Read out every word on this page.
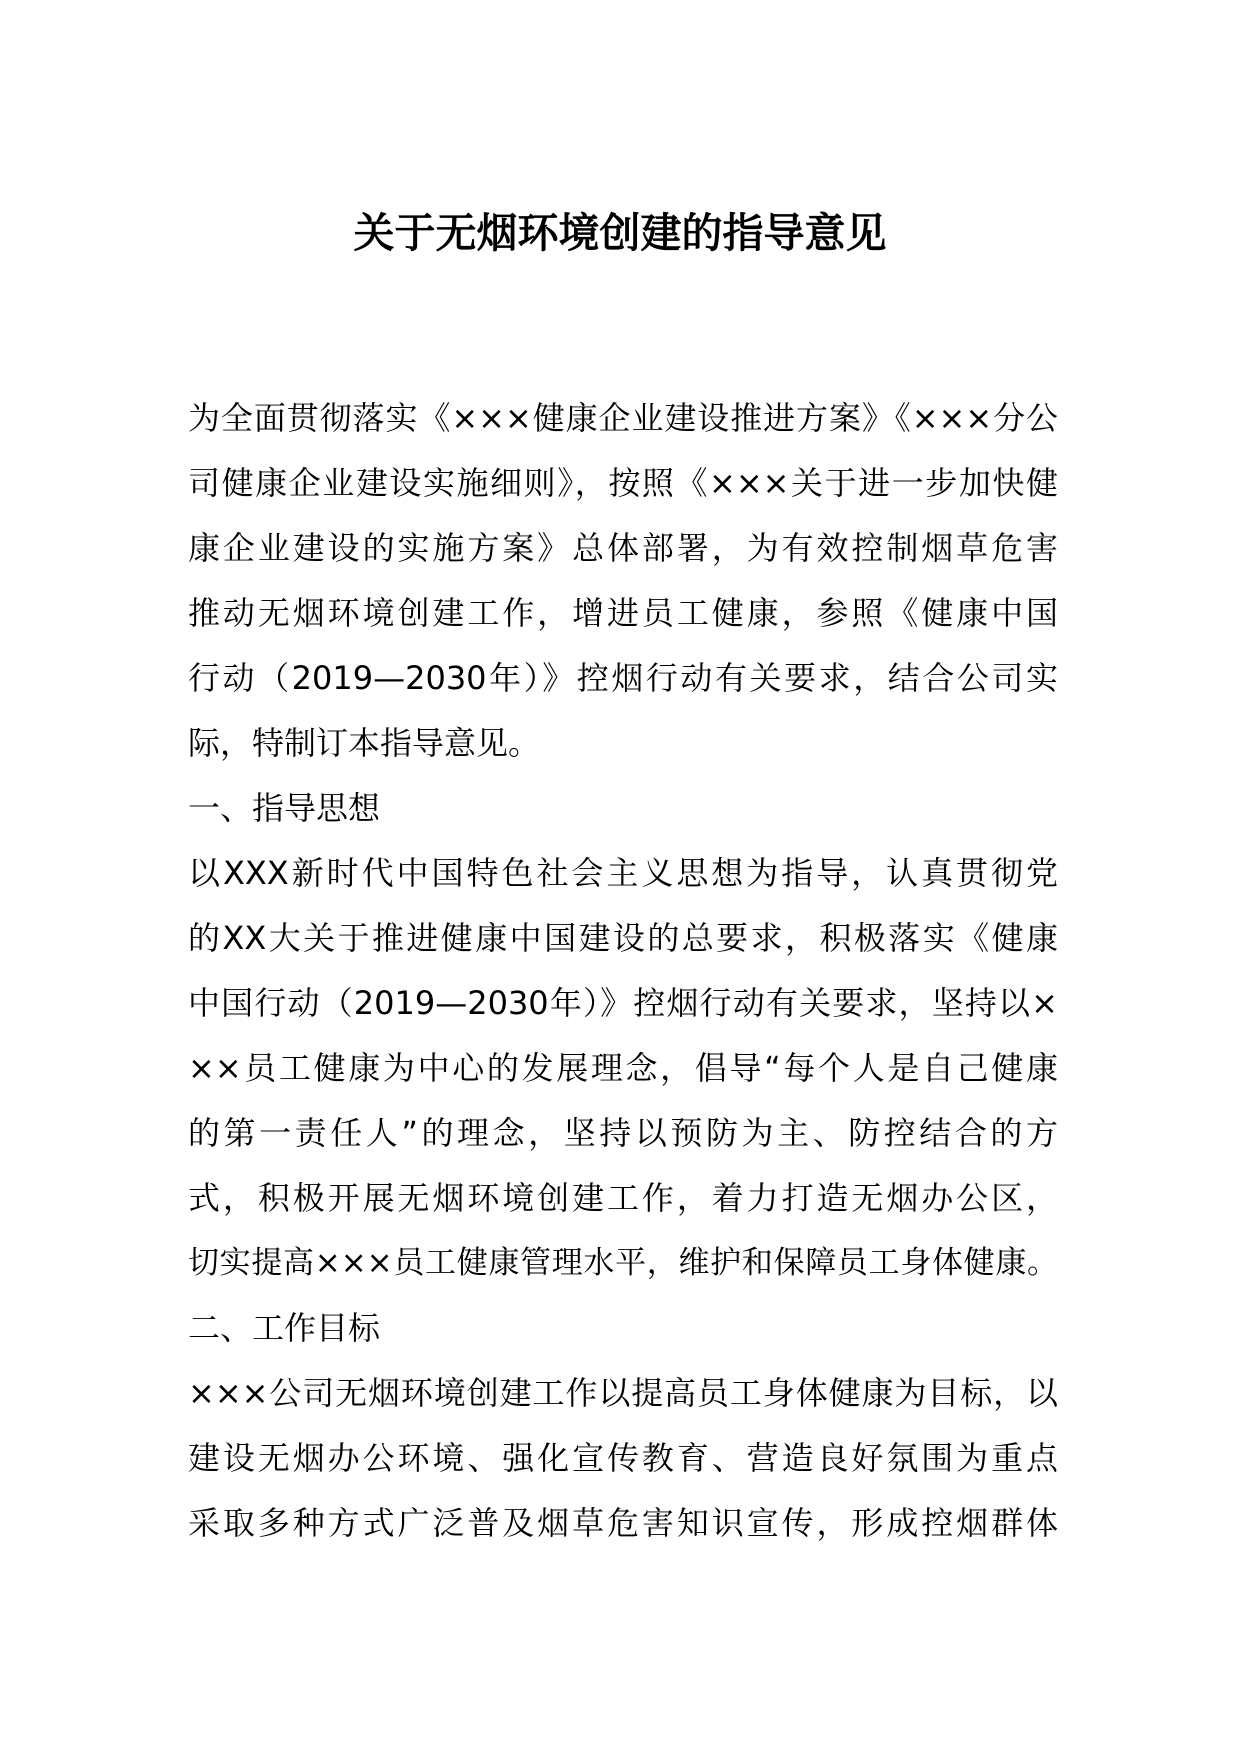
关于无烟环境创建的指导意见
为全面贯彻落实《×××健康企业建设推进方案》《×××分公
司健康企业建设实施细则》，按照《×××关于进一步加快健
康企业建设的实施方案》总体部署，为有效控制烟草危害
推动无烟环境创建工作，增进员工健康，参照《健康中国
行动（2019—2030年）》控烟行动有关要求，结合公司实
际，特制订本指导意见。
一、指导思想
以XXX新时代中国特色社会主义思想为指导，认真贯彻党
的XX大关于推进健康中国建设的总要求，积极落实《健康
中国行动（2019—2030年）》控烟行动有关要求，坚持以×
××员工健康为中心的发展理念，倡导“每个人是自己健康
的第一责任人”的理念，坚持以预防为主、防控结合的方
式，积极开展无烟环境创建工作，着力打造无烟办公区，
切实提高×××员工健康管理水平，维护和保障员工身体健康。
二、工作目标
×××公司无烟环境创建工作以提高员工身体健康为目标，以
建设无烟办公环境、强化宣传教育、营造良好氛围为重点
采取多种方式广泛普及烟草危害知识宣传，形成控烟群体
